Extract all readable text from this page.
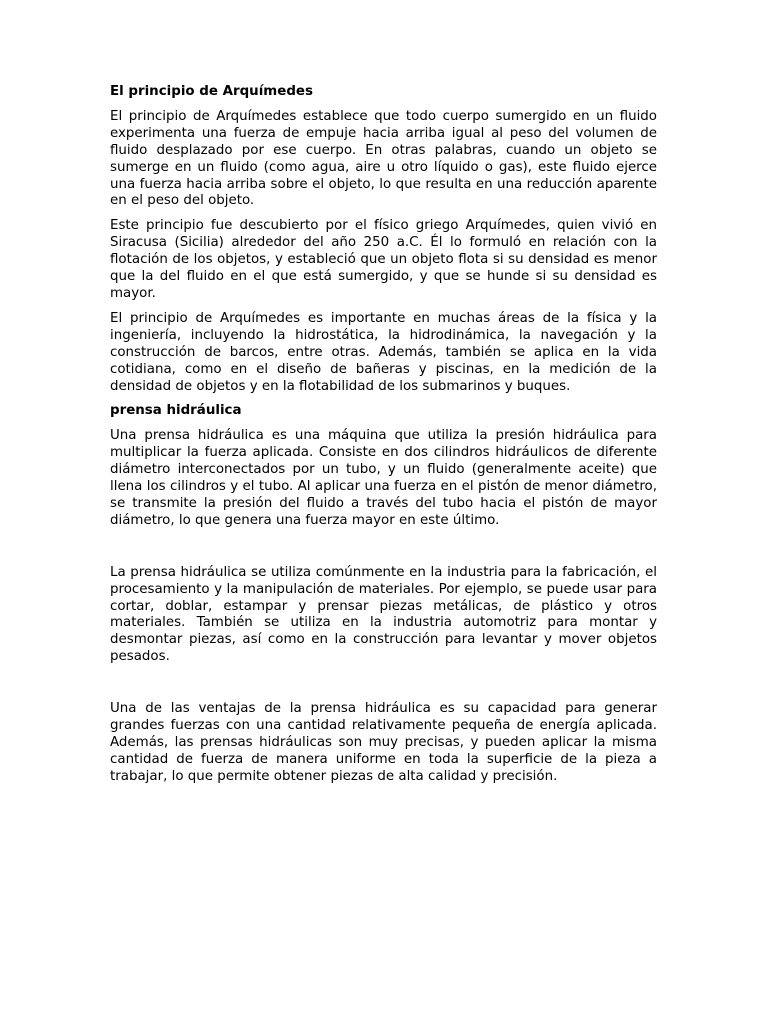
El principio de Arquímedes

El principio de Arquímedes establece que todo cuerpo sumergido en un fluido experimenta una fuerza de empuje hacia arriba igual al peso del volumen de fluido desplazado por ese cuerpo. En otras palabras, cuando un objeto se sumerge en un fluido (como agua, aire u otro líquido o gas), este fluido ejerce una fuerza hacia arriba sobre el objeto, lo que resulta en una reducción aparente en el peso del objeto.

Este principio fue descubierto por el físico griego Arquímedes, quien vivió en Siracusa (Sicilia) alrededor del año 250 a.C. Él lo formuló en relación con la flotación de los objetos, y estableció que un objeto flota si su densidad es menor que la del fluido en el que está sumergido, y que se hunde si su densidad es mayor.

El principio de Arquímedes es importante en muchas áreas de la física y la ingeniería, incluyendo la hidrostática, la hidrodinámica, la navegación y la construcción de barcos, entre otras. Además, también se aplica en la vida cotidiana, como en el diseño de bañeras y piscinas, en la medición de la densidad de objetos y en la flotabilidad de los submarinos y buques.

prensa hidráulica

Una prensa hidráulica es una máquina que utiliza la presión hidráulica para multiplicar la fuerza aplicada. Consiste en dos cilindros hidráulicos de diferente diámetro interconectados por un tubo, y un fluido (generalmente aceite) que llena los cilindros y el tubo. Al aplicar una fuerza en el pistón de menor diámetro, se transmite la presión del fluido a través del tubo hacia el pistón de mayor diámetro, lo que genera una fuerza mayor en este último.

La prensa hidráulica se utiliza comúnmente en la industria para la fabricación, el procesamiento y la manipulación de materiales. Por ejemplo, se puede usar para cortar, doblar, estampar y prensar piezas metálicas, de plástico y otros materiales. También se utiliza en la industria automotriz para montar y desmontar piezas, así como en la construcción para levantar y mover objetos pesados.

Una de las ventajas de la prensa hidráulica es su capacidad para generar grandes fuerzas con una cantidad relativamente pequeña de energía aplicada. Además, las prensas hidráulicas son muy precisas, y pueden aplicar la misma cantidad de fuerza de manera uniforme en toda la superficie de la pieza a trabajar, lo que permite obtener piezas de alta calidad y precisión.
